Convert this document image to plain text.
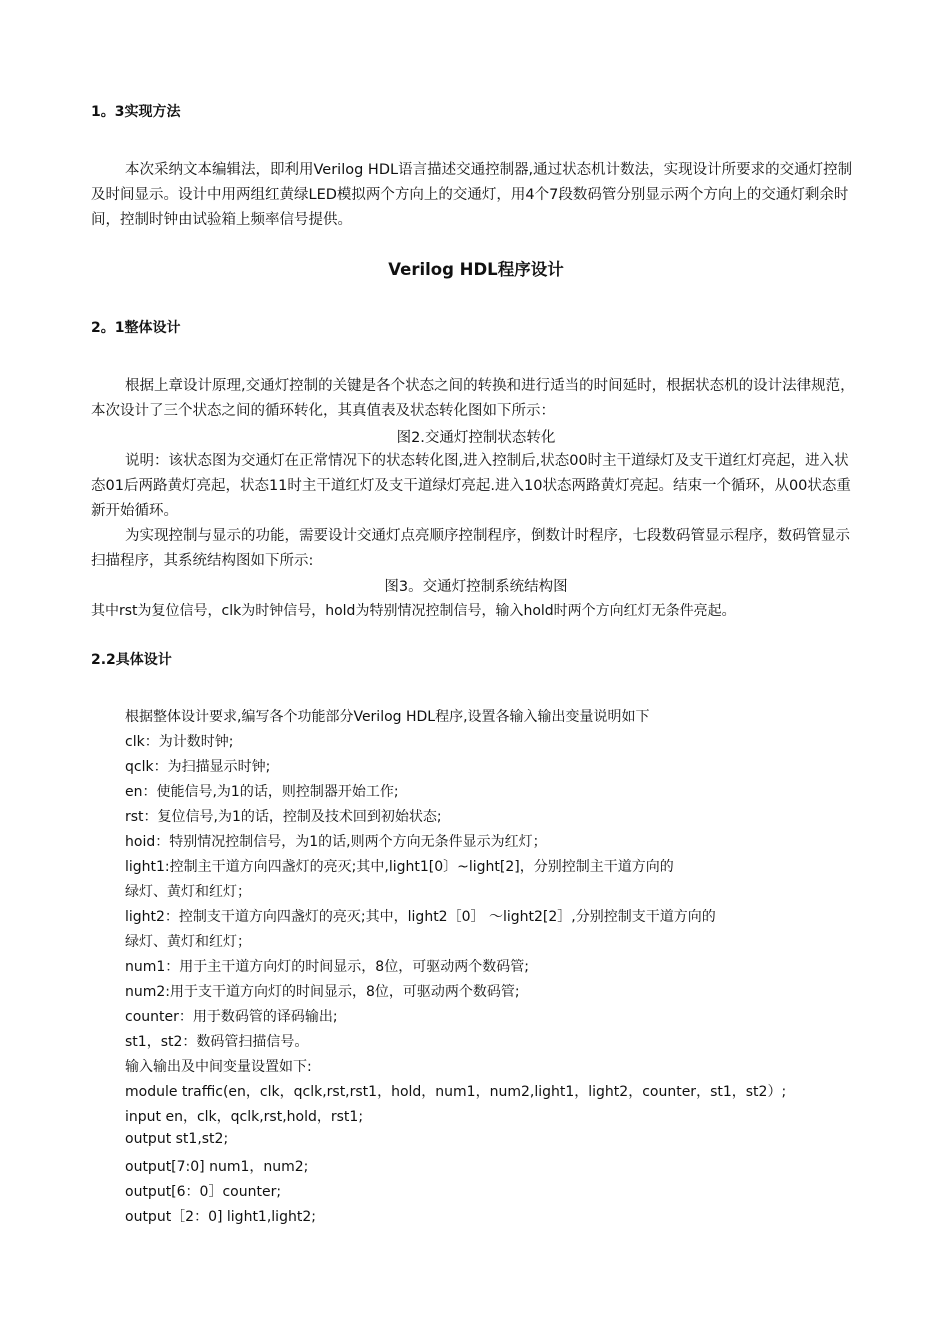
1。3实现方法
本次采纳文本编辑法，即利用Verilog HDL语言描述交通控制器,通过状态机计数法，实现设计所要求的交通灯控制及时间显示。设计中用两组红黄绿LED模拟两个方向上的交通灯，用4个7段数码管分别显示两个方向上的交通灯剩余时间，控制时钟由试验箱上频率信号提供。
Verilog HDL程序设计
2。1整体设计
根据上章设计原理,交通灯控制的关键是各个状态之间的转换和进行适当的时间延时，根据状态机的设计法律规范，本次设计了三个状态之间的循环转化，其真值表及状态转化图如下所示：
图2.交通灯控制状态转化
说明：该状态图为交通灯在正常情况下的状态转化图,进入控制后,状态00时主干道绿灯及支干道红灯亮起，进入状态01后两路黄灯亮起，状态11时主干道红灯及支干道绿灯亮起.进入10状态两路黄灯亮起。结束一个循环，从00状态重新开始循环。
为实现控制与显示的功能，需要设计交通灯点亮顺序控制程序，倒数计时程序，七段数码管显示程序，数码管显示扫描程序，其系统结构图如下所示:
图3。交通灯控制系统结构图
其中rst为复位信号，clk为时钟信号，hold为特别情况控制信号，输入hold时两个方向红灯无条件亮起。
2.2具体设计
根据整体设计要求,编写各个功能部分Verilog HDL程序,设置各输入输出变量说明如下
clk：为计数时钟;
qclk：为扫描显示时钟;
en：使能信号,为1的话，则控制器开始工作;
rst：复位信号,为1的话，控制及技术回到初始状态;
hoid：特别情况控制信号，为1的话,则两个方向无条件显示为红灯；
light1:控制主干道方向四盏灯的亮灭;其中,light1[0〕~light[2]，分别控制主干道方向的
绿灯、黄灯和红灯；
light2：控制支干道方向四盏灯的亮灭;其中，light2［0］ ～light2[2］,分别控制支干道方向的
绿灯、黄灯和红灯；
num1：用于主干道方向灯的时间显示，8位，可驱动两个数码管;
num2:用于支干道方向灯的时间显示，8位，可驱动两个数码管;
counter：用于数码管的译码输出;
st1，st2：数码管扫描信号。
输入输出及中间变量设置如下:
module traffic(en，clk，qclk,rst,rst1，hold，num1，num2,light1，light2，counter，st1，st2）;
input en，clk，qclk,rst,hold，rst1;
output st1,st2;
output[7:0] num1，num2;
output[6：0］counter;
output［2：0] light1,light2;
